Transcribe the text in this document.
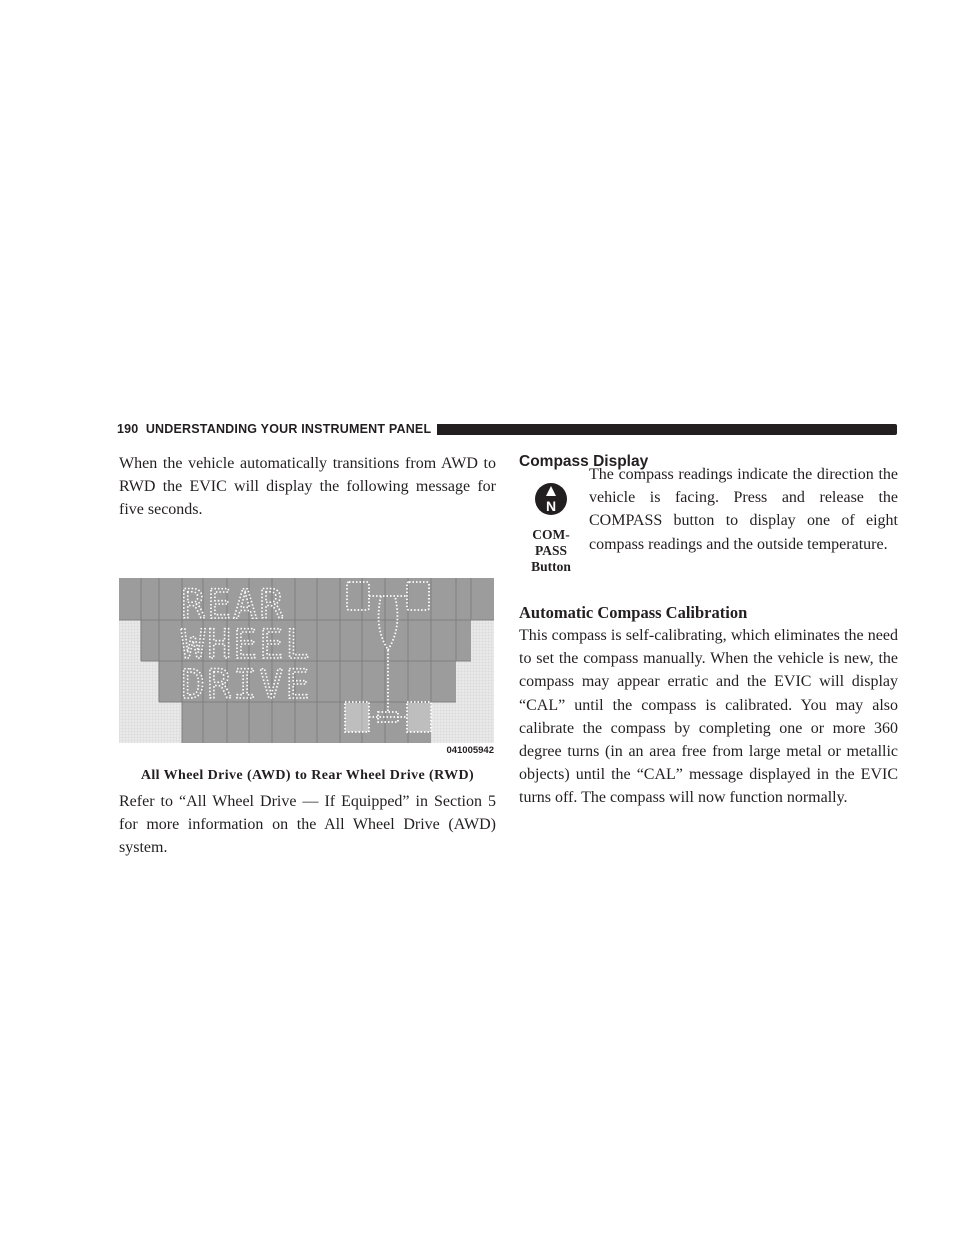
190 UNDERSTANDING YOUR INSTRUMENT PANEL

When the vehicle automatically transitions from AWD to RWD the EVIC will display the following message for five seconds.

REAR
WHEEL
DRIVE
041005942
All Wheel Drive (AWD) to Rear Wheel Drive (RWD)

Refer to “All Wheel Drive — If Equipped” in Section 5 for more information on the All Wheel Drive (AWD) system.

Compass Display
N
COM-
PASS
Button

The compass readings indicate the direction the vehicle is facing. Press and release the COMPASS button to display one of eight compass readings and the outside temperature.

Automatic Compass Calibration

This compass is self-calibrating, which eliminates the need to set the compass manually. When the vehicle is new, the compass may appear erratic and the EVIC will display “CAL” until the compass is calibrated. You may also calibrate the compass by completing one or more 360 degree turns (in an area free from large metal or metallic objects) until the “CAL” message displayed in the EVIC turns off. The compass will now function normally.
